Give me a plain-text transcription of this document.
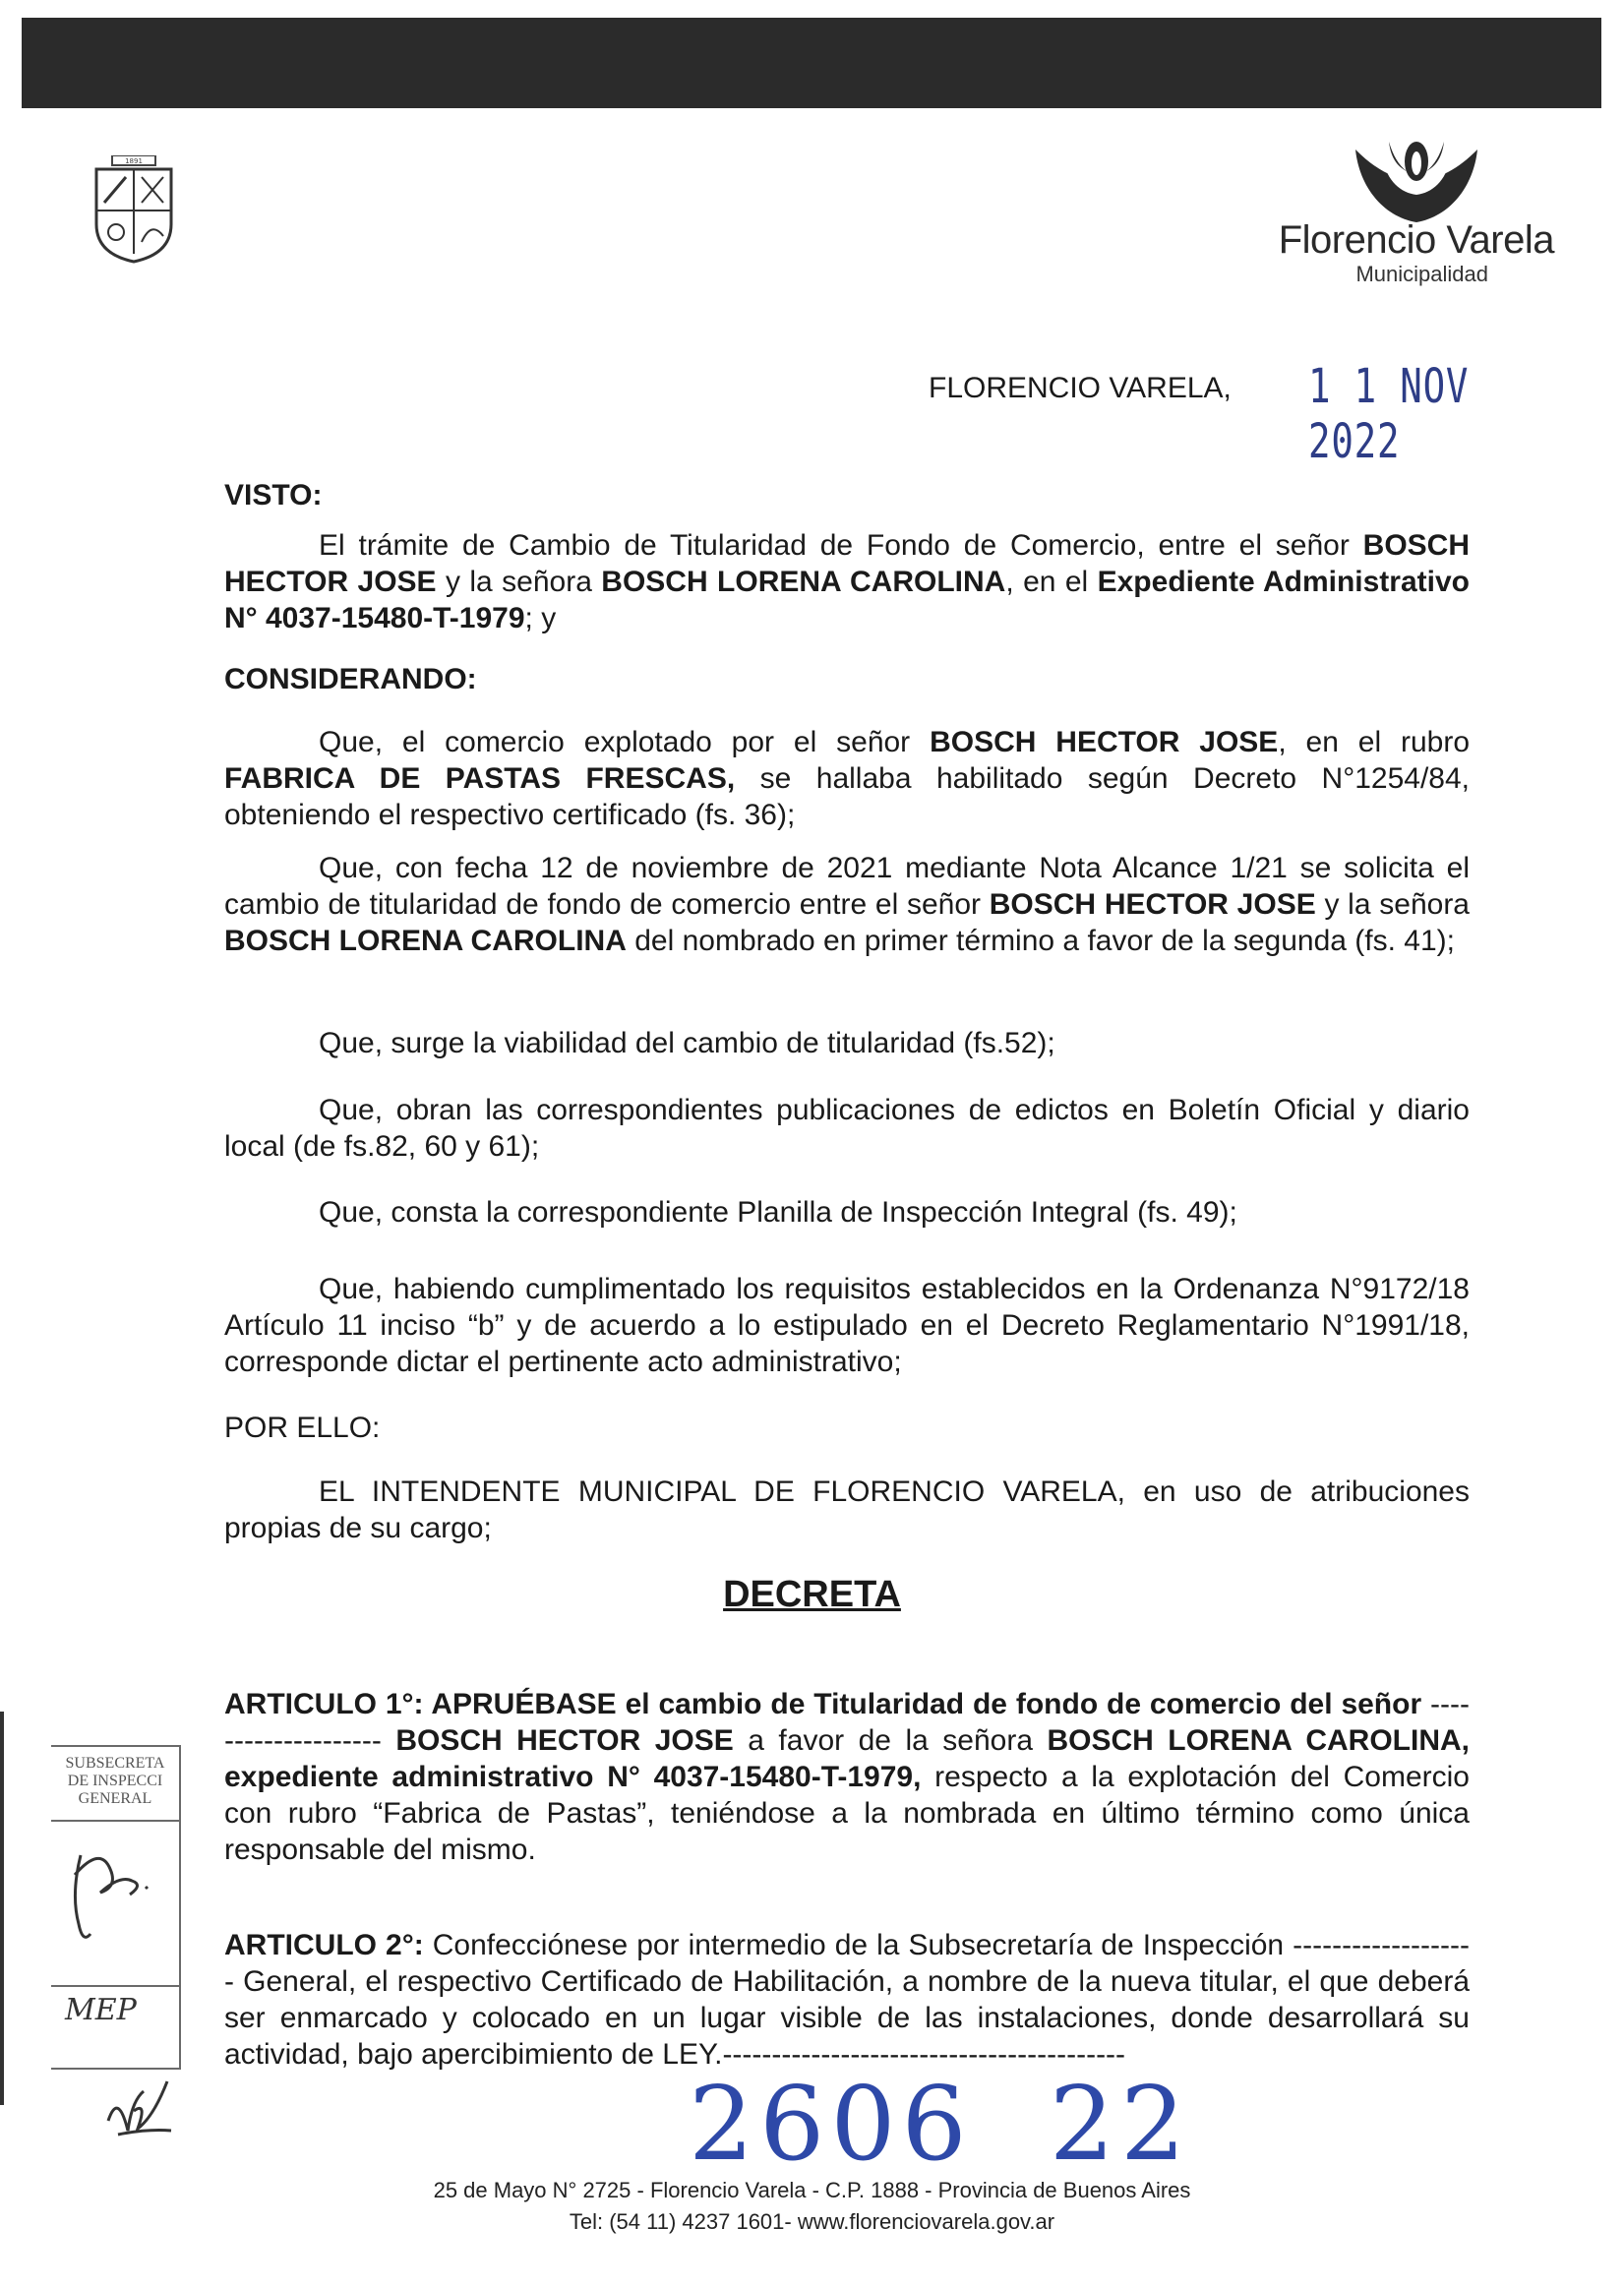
1891
Florencio Varela
Municipalidad
FLORENCIO VARELA, 1 1 NOV 2022
VISTO:
El trámite de Cambio de Titularidad de Fondo de Comercio, entre el señor BOSCH HECTOR JOSE y la señora BOSCH LORENA CAROLINA, en el Expediente Administrativo N° 4037-15480-T-1979; y
CONSIDERANDO:
Que, el comercio explotado por el señor BOSCH HECTOR JOSE, en el rubro FABRICA DE PASTAS FRESCAS, se hallaba habilitado según Decreto N°1254/84, obteniendo el respectivo certificado (fs. 36);
Que, con fecha 12 de noviembre de 2021 mediante Nota Alcance 1/21 se solicita el cambio de titularidad de fondo de comercio entre el señor BOSCH HECTOR JOSE y la señora BOSCH LORENA CAROLINA del nombrado en primer término a favor de la segunda (fs. 41);
Que, surge la viabilidad del cambio de titularidad (fs.52);
Que, obran las correspondientes publicaciones de edictos en Boletín Oficial y diario local (de fs.82, 60 y 61);
Que, consta la correspondiente Planilla de Inspección Integral (fs. 49);
Que, habiendo cumplimentado los requisitos establecidos en la Ordenanza N°9172/18 Artículo 11 inciso “b” y de acuerdo a lo estipulado en el Decreto Reglamentario N°1991/18, corresponde dictar el pertinente acto administrativo;
POR ELLO:
EL INTENDENTE MUNICIPAL DE FLORENCIO VARELA, en uso de atribuciones propias de su cargo;
DECRETA
ARTICULO 1°: APRUÉBASE el cambio de Titularidad de fondo de comercio del señor -------------------- BOSCH HECTOR JOSE a favor de la señora BOSCH LORENA CAROLINA, expediente administrativo N° 4037-15480-T-1979, respecto a la explotación del Comercio con rubro “Fabrica de Pastas”, teniéndose a la nombrada en último término como única responsable del mismo.
ARTICULO 2°: Confecciónese por intermedio de la Subsecretaría de Inspección ------------------- General, el respectivo Certificado de Habilitación, a nombre de la nueva titular, el que deberá ser enmarcado y colocado en un lugar visible de las instalaciones, donde desarrollará su actividad, bajo apercibimiento de LEY.-----------------------------------------
SUBSECRETA
DE INSPECCI
GENERAL
MEP
2606  22
25 de Mayo N° 2725 - Florencio Varela - C.P. 1888 - Provincia de Buenos Aires
Tel: (54 11) 4237 1601- www.florenciovarela.gov.ar
